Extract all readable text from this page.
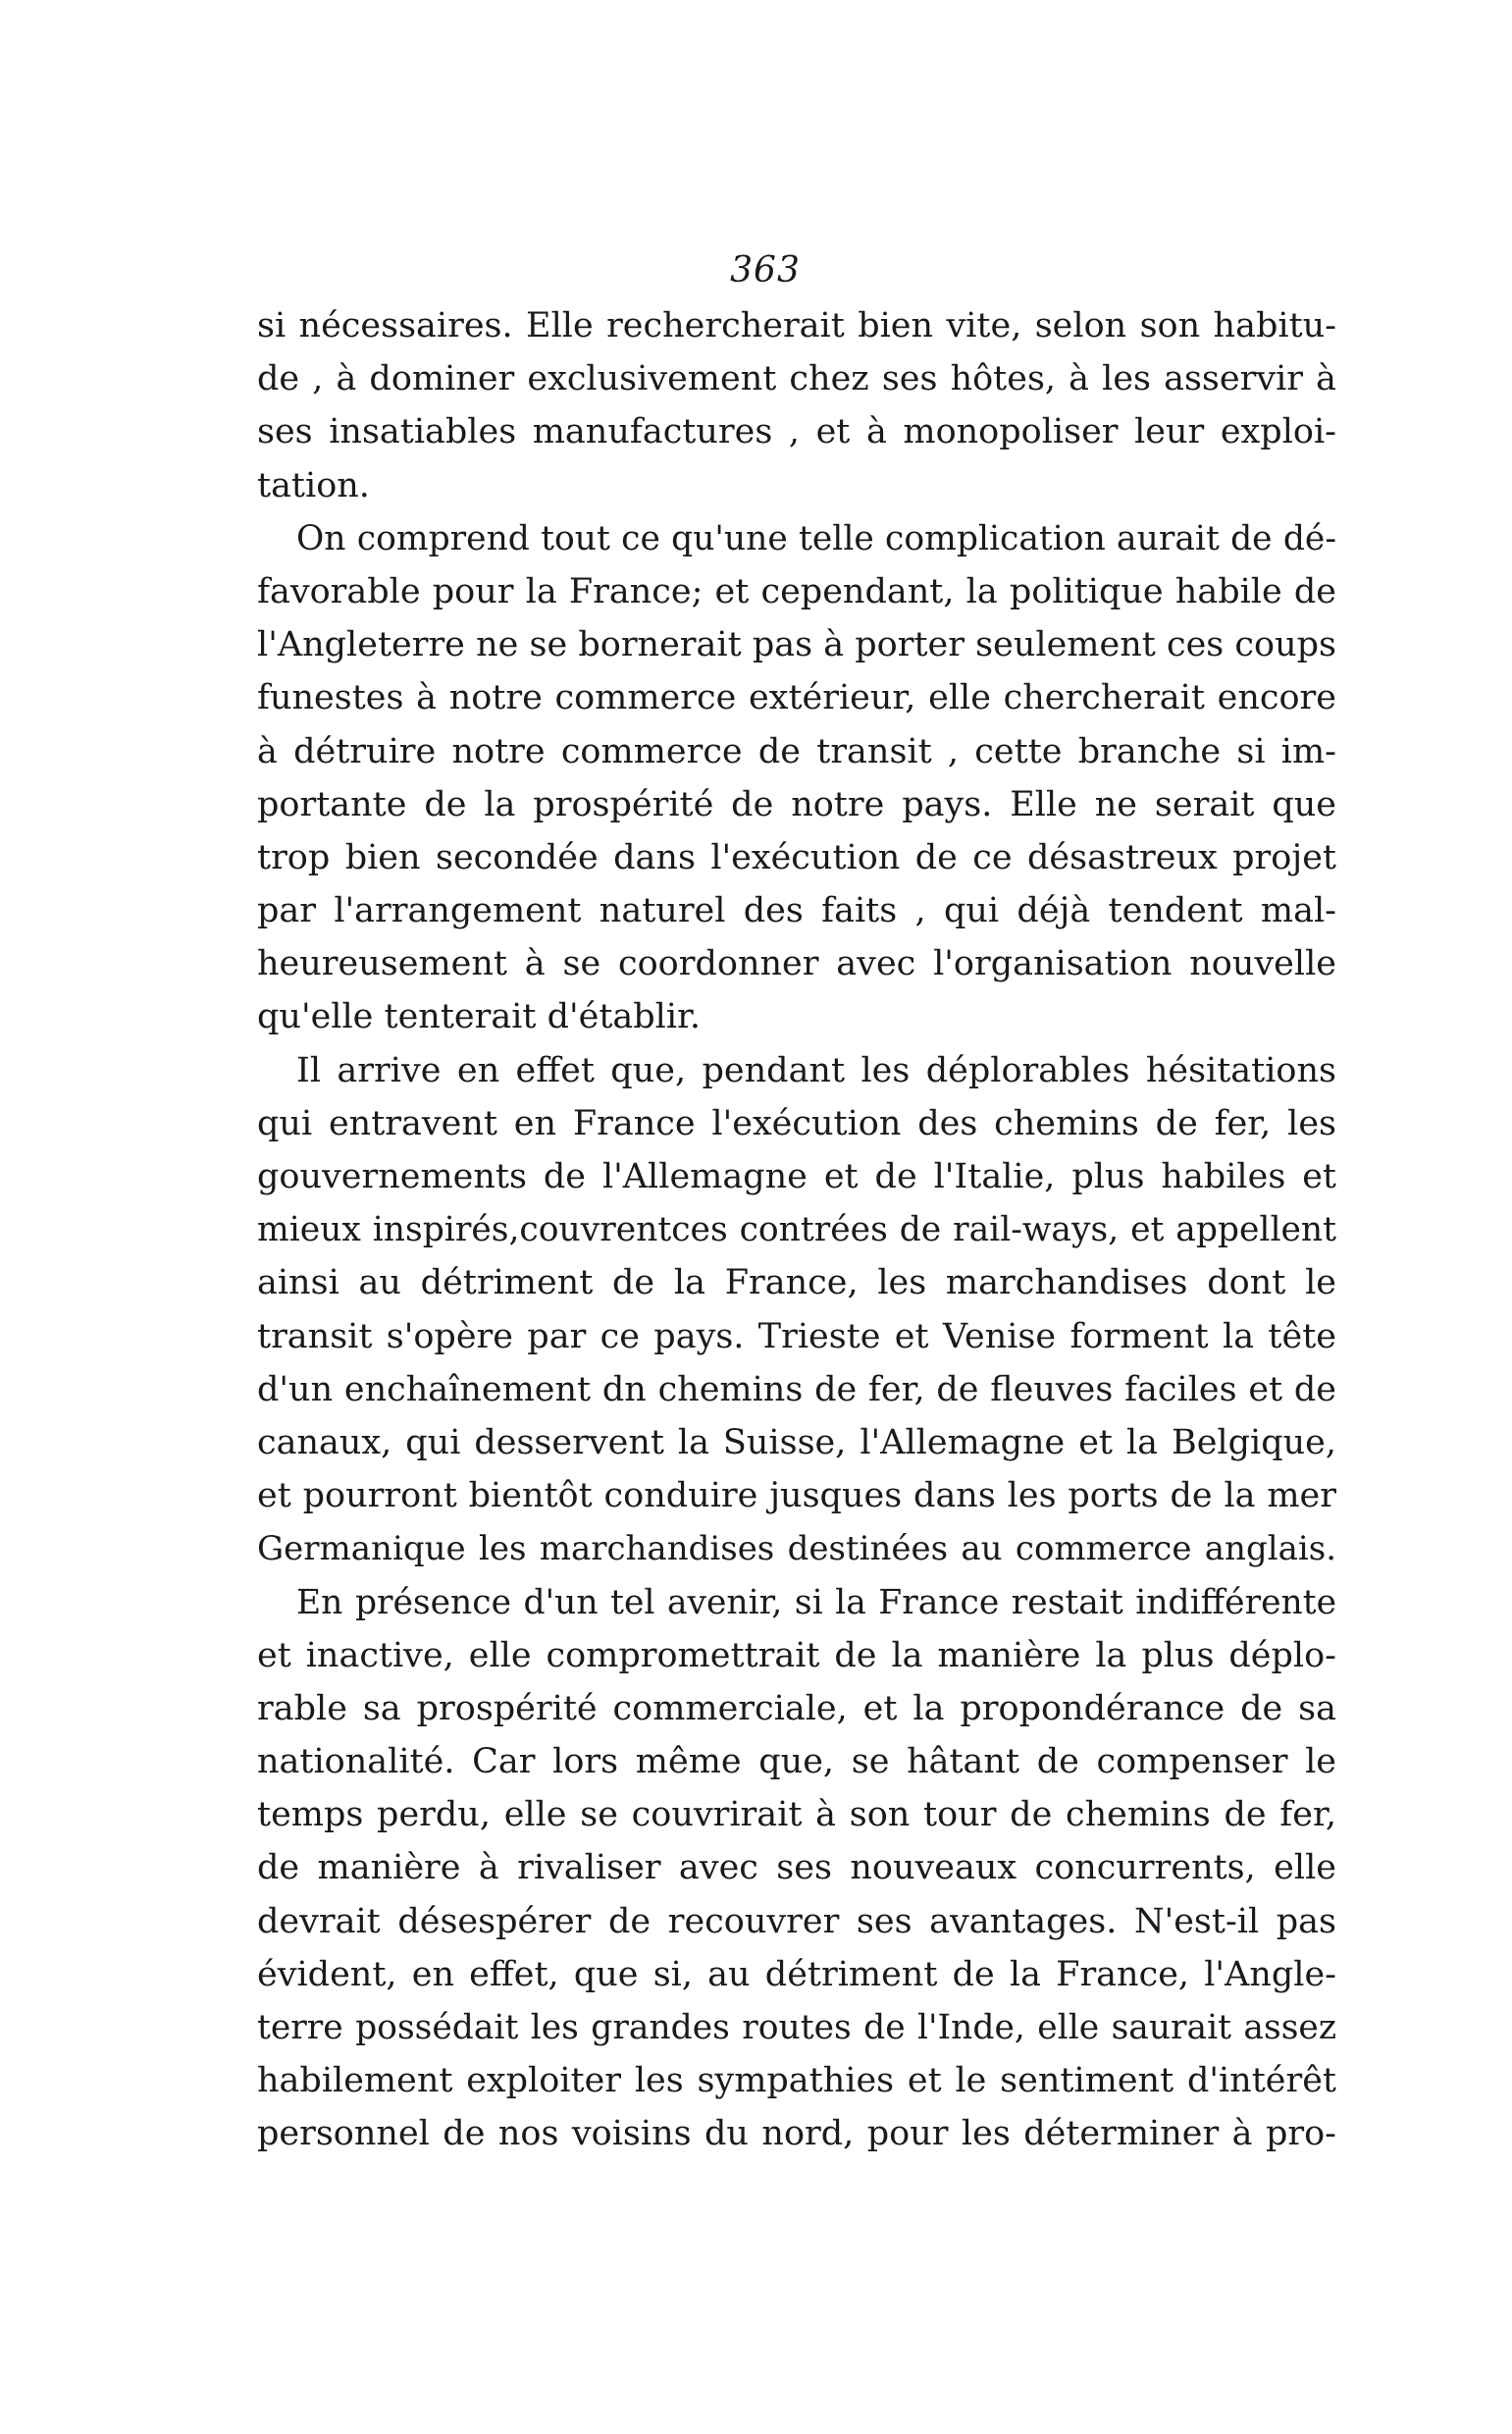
363
si nécessaires. Elle rechercherait bien vite, selon son habitu-
de , à dominer exclusivement chez ses hôtes, à les asservir à
ses insatiables manufactures , et à monopoliser leur exploi-
tation.
On comprend tout ce qu'une telle complication aurait de dé-
favorable pour la France; et cependant, la politique habile de
l'Angleterre ne se bornerait pas à porter seulement ces coups
funestes à notre commerce extérieur, elle chercherait encore
à détruire notre commerce de transit , cette branche si im-
portante de la prospérité de notre pays. Elle ne serait que
trop bien secondée dans l'exécution de ce désastreux projet
par l'arrangement naturel des faits , qui déjà tendent mal-
heureusement à se coordonner avec l'organisation nouvelle
qu'elle tenterait d'établir.
Il arrive en effet que, pendant les déplorables hésitations
qui entravent en France l'exécution des chemins de fer, les
gouvernements de l'Allemagne et de l'Italie, plus habiles et
mieux inspirés,couvrentces contrées de rail-ways, et appellent
ainsi au détriment de la France, les marchandises dont le
transit s'opère par ce pays. Trieste et Venise forment la tête
d'un enchaînement dn chemins de fer, de fleuves faciles et de
canaux, qui desservent la Suisse, l'Allemagne et la Belgique,
et pourront bientôt conduire jusques dans les ports de la mer
Germanique les marchandises destinées au commerce anglais.
En présence d'un tel avenir, si la France restait indifférente
et inactive, elle compromettrait de la manière la plus déplo-
rable sa prospérité commerciale, et la propondérance de sa
nationalité. Car lors même que, se hâtant de compenser le
temps perdu, elle se couvrirait à son tour de chemins de fer,
de manière à rivaliser avec ses nouveaux concurrents, elle
devrait désespérer de recouvrer ses avantages. N'est-il pas
évident, en effet, que si, au détriment de la France, l'Angle-
terre possédait les grandes routes de l'Inde, elle saurait assez
habilement exploiter les sympathies et le sentiment d'intérêt
personnel de nos voisins du nord, pour les déterminer à pro-
